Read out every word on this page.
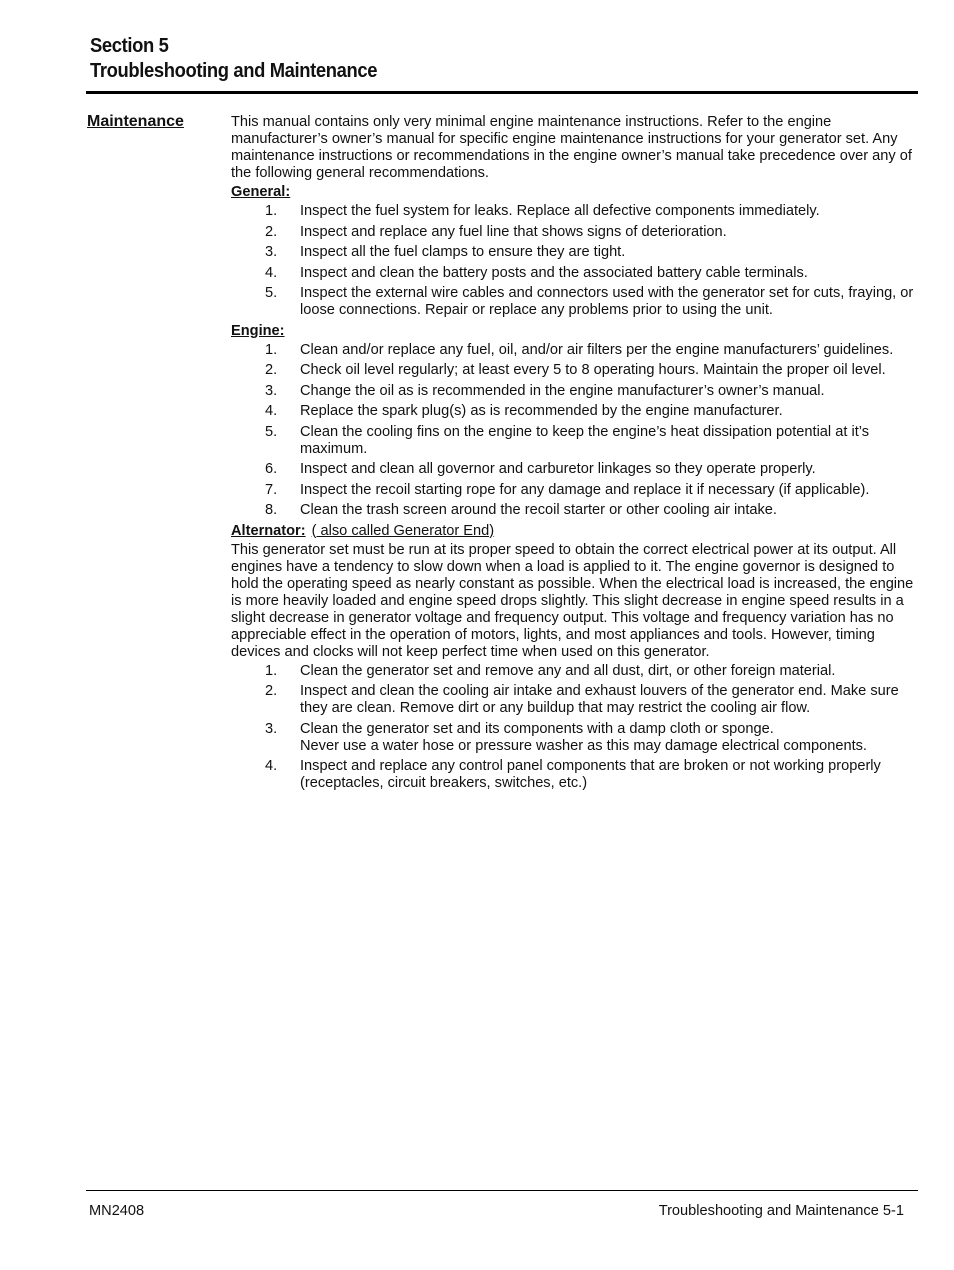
Section 5
Troubleshooting and Maintenance
Maintenance	This manual contains only very minimal engine maintenance instructions. Refer to the engine manufacturer’s owner’s manual for specific engine maintenance instructions for your generator set. Any maintenance instructions or recommendations in the engine owner’s manual take precedence over any of the following general recommendations.

General:
1.	Inspect the fuel system for leaks. Replace all defective components immediately.
2.	Inspect and replace any fuel line that shows signs of deterioration.
3.	Inspect all the fuel clamps to ensure they are tight.
4.	Inspect and clean the battery posts and the associated battery cable terminals.
5.	Inspect the external wire cables and connectors used with the generator set for cuts, fraying, or loose connections. Repair or replace any problems prior to using the unit.
Engine:
1.	Clean and/or replace any fuel, oil, and/or air filters per the engine manufacturers’ guidelines.
2.	Check oil level regularly; at least every 5 to 8 operating hours. Maintain the proper oil level.
3.	Change the oil as is recommended in the engine manufacturer’s owner’s manual.
4.	Replace the spark plug(s) as is recommended by the engine manufacturer.
5.	Clean the cooling fins on the engine to keep the engine’s heat dissipation potential at it’s maximum.
6.	Inspect and clean all governor and carburetor linkages so they operate properly.
7.	Inspect the recoil starting rope for any damage and replace it if necessary (if applicable).
8.	Clean the trash screen around the recoil starter or other cooling air intake.
Alternator: ( also called Generator End)

This generator set must be run at its proper speed to obtain the correct electrical power at its output. All engines have a tendency to slow down when a load is applied to it. The engine governor is designed to hold the operating speed as nearly constant as possible. When the electrical load is increased, the engine is more heavily loaded and engine speed drops slightly. This slight decrease in engine speed results in a slight decrease in generator voltage and frequency output. This voltage and frequency variation has no appreciable effect in the operation of motors, lights, and most appliances and tools. However, timing devices and clocks will not keep perfect time when used on this generator.

1.	Clean the generator set and remove any and all dust, dirt, or other foreign material.
2.	Inspect and clean the cooling air intake and exhaust louvers of the generator end. Make sure they are clean. Remove dirt or any buildup that may restrict the cooling air flow.
3.	Clean the generator set and its components with a damp cloth or sponge.
Never use a water hose or pressure washer as this may damage electrical components.
4.	Inspect and replace any control panel components that are broken or not working properly (receptacles, circuit breakers, switches, etc.)
MN2408	Troubleshooting and Maintenance 5-1
